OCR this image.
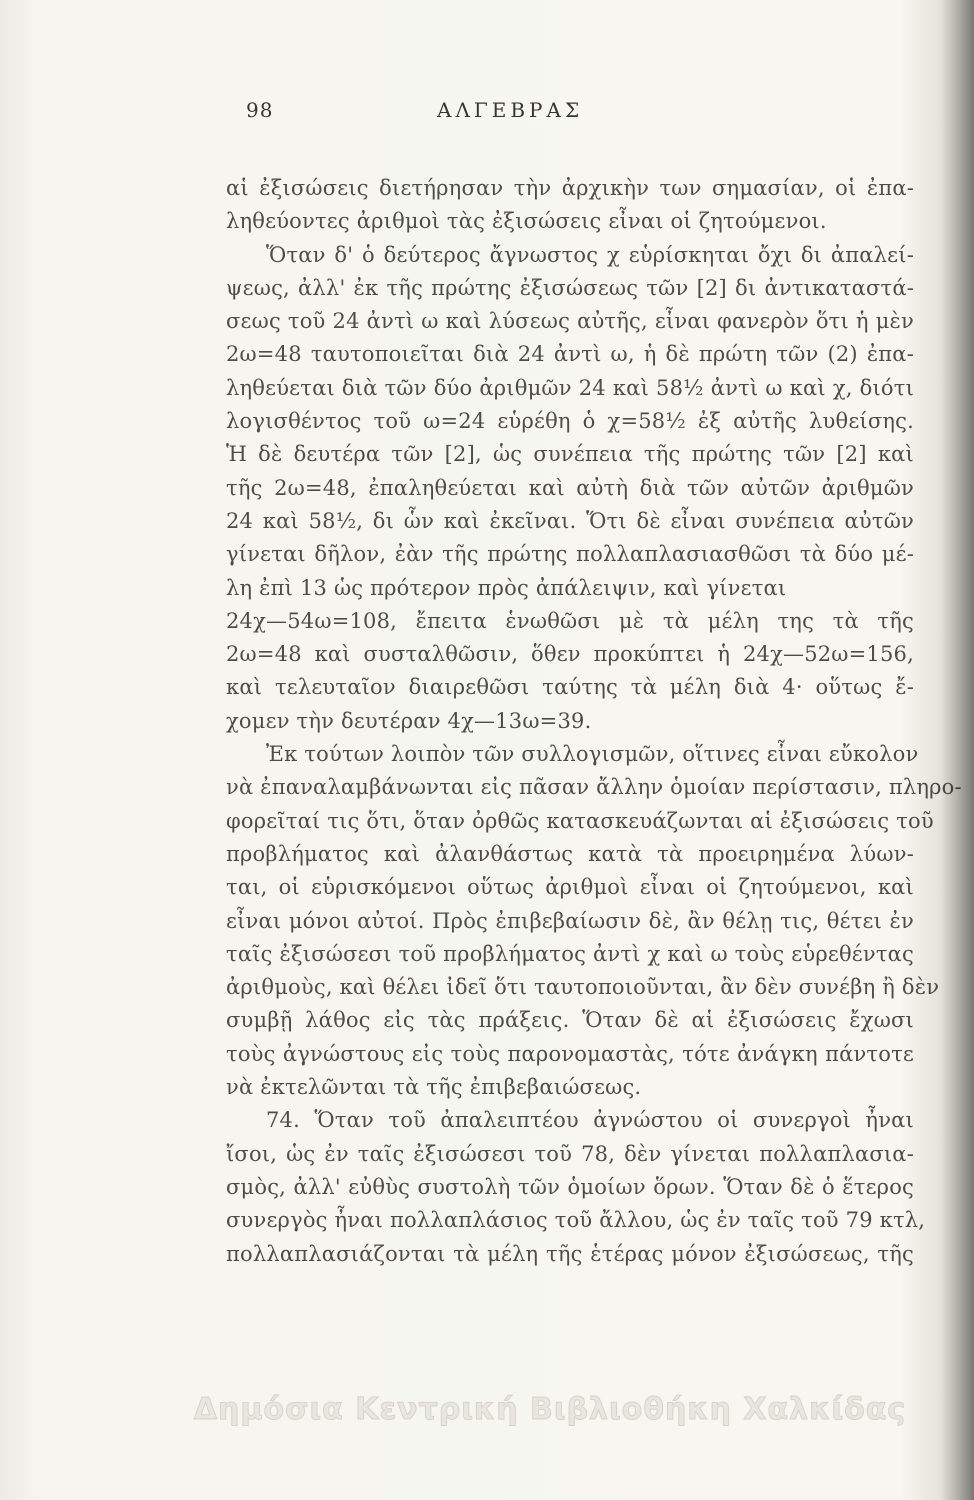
98	ΑΛΓΕΒΡΑΣ
αἱ ἐξισώσεις διετήρησαν τὴν ἀρχικὴν των σημασίαν, οἱ ἐπα-
ληθεύοντες ἀριθμοὶ τὰς ἐξισώσεις εἶναι οἱ ζητούμενοι.
Ὅταν δ' ὁ δεύτερος ἄγνωστος χ εὑρίσκηται ὄχι δι ἀπαλεί-
ψεως, ἀλλ' ἐκ τῆς πρώτης ἐξισώσεως τῶν [2] δι ἀντικαταστά-
σεως τοῦ 24 ἀντὶ ω καὶ λύσεως αὐτῆς, εἶναι φανερὸν ὅτι ἡ μὲν
2ω=48 ταυτοποιεῖται διὰ 24 ἀντὶ ω, ἡ δὲ πρώτη τῶν (2) ἐπα-
ληθεύεται διὰ τῶν δύο ἀριθμῶν 24 καὶ 58½ ἀντὶ ω καὶ χ, διότι
λογισθέντος τοῦ ω=24 εὑρέθη ὁ χ=58½ ἐξ αὐτῆς λυθείσης.
Ἡ δὲ δευτέρα τῶν [2], ὡς συνέπεια τῆς πρώτης τῶν [2] καὶ
τῆς 2ω=48, ἐπαληθεύεται καὶ αὐτὴ διὰ τῶν αὐτῶν ἀριθμῶν
24 καὶ 58½, δι ὧν καὶ ἐκεῖναι. Ὅτι δὲ εἶναι συνέπεια αὐτῶν
γίνεται δῆλον, ἐὰν τῆς πρώτης πολλαπλασιασθῶσι τὰ δύο μέ-
λη ἐπὶ 13 ὡς πρότερον πρὸς ἀπάλειψιν, καὶ γίνεται
24χ—54ω=108, ἔπειτα ἑνωθῶσι μὲ τὰ μέλη της τὰ τῆς
2ω=48 καὶ συσταλθῶσιν, ὅθεν προκύπτει ἡ 24χ—52ω=156,
καὶ τελευταῖον διαιρεθῶσι ταύτης τὰ μέλη διὰ 4· οὕτως ἔ-
χομεν τὴν δευτέραν 4χ—13ω=39.
Ἐκ τούτων λοιπὸν τῶν συλλογισμῶν, οἵτινες εἶναι εὔκολον
νὰ ἐπαναλαμβάνωνται εἰς πᾶσαν ἄλλην ὁμοίαν περίστασιν, πληρο-
φορεῖταί τις ὅτι, ὅταν ὀρθῶς κατασκευάζωνται αἱ ἐξισώσεις τοῦ
προβλήματος καὶ ἀλανθάστως κατὰ τὰ προειρημένα λύων-
ται, οἱ εὑρισκόμενοι οὕτως ἀριθμοὶ εἶναι οἱ ζητούμενοι, καὶ
εἶναι μόνοι αὐτοί. Πρὸς ἐπιβεβαίωσιν δὲ, ἂν θέλῃ τις, θέτει ἐν
ταῖς ἐξισώσεσι τοῦ προβλήματος ἀντὶ χ καὶ ω τοὺς εὑρεθέντας
ἀριθμοὺς, καὶ θέλει ἰδεῖ ὅτι ταυτοποιοῦνται, ἂν δὲν συνέβη ἢ δὲν
συμβῇ λάθος εἰς τὰς πράξεις. Ὅταν δὲ αἱ ἐξισώσεις ἔχωσι
τοὺς ἀγνώστους εἰς τοὺς παρονομαστὰς, τότε ἀνάγκη πάντοτε
νὰ ἐκτελῶνται τὰ τῆς ἐπιβεβαιώσεως.
74. Ὅταν τοῦ ἀπαλειπτέου ἀγνώστου οἱ συνεργοὶ ἦναι
ἴσοι, ὡς ἐν ταῖς ἐξισώσεσι τοῦ 78, δὲν γίνεται πολλαπλασια-
σμὸς, ἀλλ' εὐθὺς συστολὴ τῶν ὁμοίων ὅρων. Ὅταν δὲ ὁ ἕτερος
συνεργὸς ἦναι πολλαπλάσιος τοῦ ἄλλου, ὡς ἐν ταῖς τοῦ 79 κτλ,
πολλαπλασιάζονται τὰ μέλη τῆς ἑτέρας μόνον ἐξισώσεως, τῆς
Δημόσια Κεντρική Βιβλιοθήκη Χαλκίδας
